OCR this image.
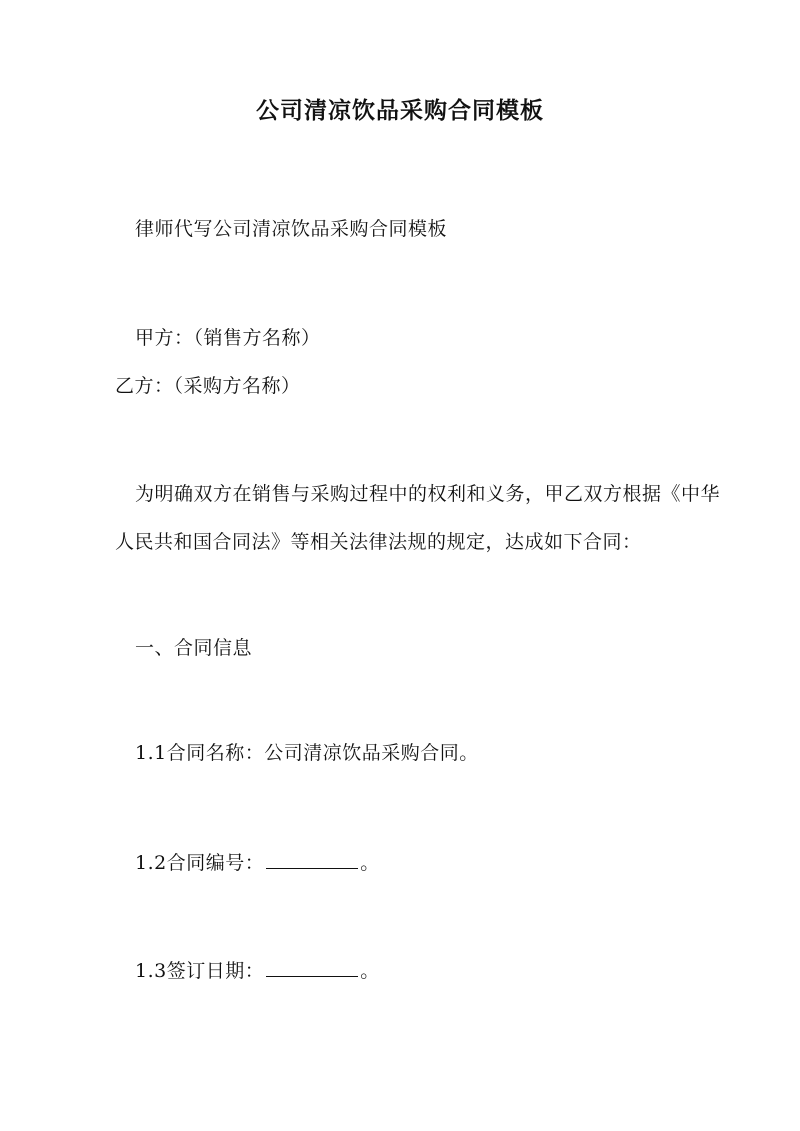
公司清凉饮品采购合同模板
律师代写公司清凉饮品采购合同模板
甲方：（销售方名称）
乙方：（采购方名称）
为明确双方在销售与采购过程中的权利和义务，甲乙双方根据《中华
人民共和国合同法》等相关法律法规的规定，达成如下合同：
一、合同信息
1.1合同名称：公司清凉饮品采购合同。
1.2合同编号：	。
1.3签订日期：	。
